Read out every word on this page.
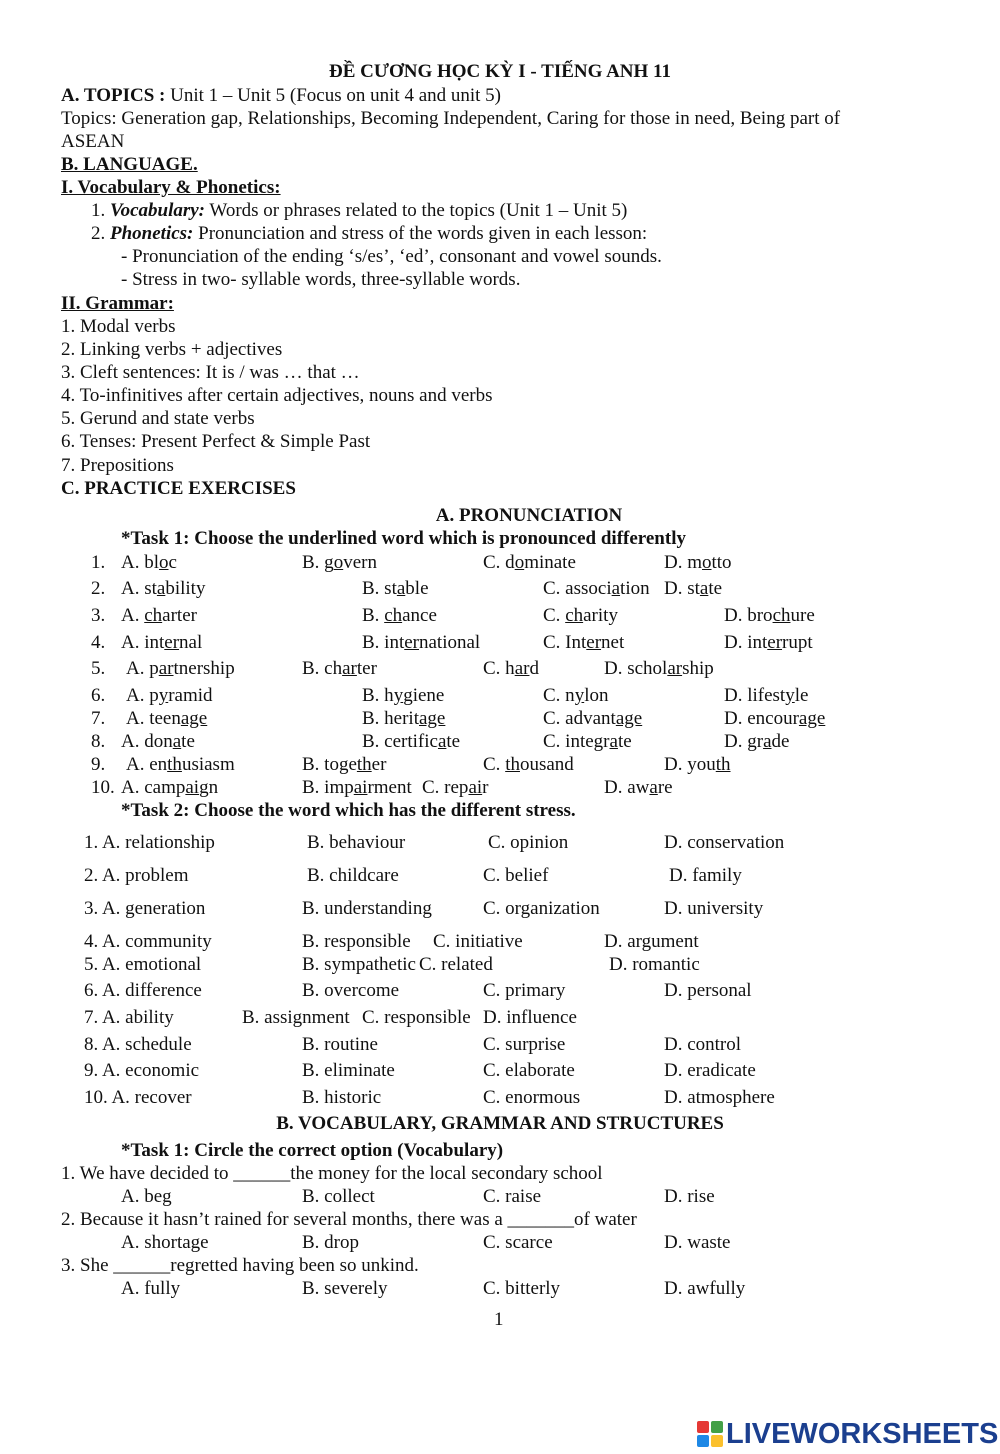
ĐỀ CƯƠNG HỌC KỲ I - TIẾNG ANH 11
A. TOPICS : Unit 1 – Unit 5 (Focus on unit 4 and unit 5)
Topics: Generation gap, Relationships, Becoming Independent, Caring for those in need, Being part of
ASEAN
B. LANGUAGE.
I. Vocabulary & Phonetics:
1. Vocabulary: Words or phrases related to the topics (Unit 1 – Unit 5)
2. Phonetics: Pronunciation and stress of the words given in each lesson:
- Pronunciation of the ending ‘s/es’, ‘ed’, consonant and vowel sounds.
- Stress in two- syllable words, three-syllable words.
II. Grammar:
1. Modal verbs
2. Linking verbs + adjectives
3. Cleft sentences: It is / was … that …
4. To-infinitives after certain adjectives, nouns and verbs
5. Gerund and state verbs
6. Tenses: Present Perfect & Simple Past
7. Prepositions
C. PRACTICE EXERCISES
A. PRONUNCIATION
*Task 1: Choose the underlined word which is pronounced differently
1. A. bloc	B. govern	C. dominate	D. motto
2. A. stability	B. stable	C. association D. state
3. A. charter	B. chance	C. charity	D. brochure
4. A. internal	B. international	C. Internet	D. interrupt
5. A. partnership	B. charter	C. hard	D. scholarship
6. A. pyramid	B. hygiene	C. nylon	D. lifestyle
7. A. teenage	B. heritage	C. advantage	D. encourage
8. A. donate	B. certificate	C. integrate	D. grade
9. A. enthusiasm	B. together	C. thousand	D. youth
10. A. campaign	B. impairment C. repair	D. aware
*Task 2: Choose the word which has the different stress.
1. A. relationship	B. behaviour	C. opinion	D. conservation
2. A. problem	B. childcare	C. belief	D. family
3. A. generation	B. understanding	C. organization	D. university
4. A. community	B. responsible C. initiative	D. argument
5. A. emotional	B. sympathetic C. related	D. romantic
6. A. difference	B. overcome	C. primary	D. personal
7. A. ability	B. assignment C. responsible D. influence
8. A. schedule	B. routine	C. surprise	D. control
9. A. economic	B. eliminate	C. elaborate	D. eradicate
10. A. recover	B. historic	C. enormous	D. atmosphere
B. VOCABULARY, GRAMMAR AND STRUCTURES
*Task 1: Circle the correct option (Vocabulary)
1. We have decided to ______the money for the local secondary school
A. beg	B. collect	C. raise	D. rise
2. Because it hasn’t rained for several months, there was a _______of water
A. shortage	B. drop	C. scarce	D. waste
3. She ______regretted having been so unkind.
A. fully	B. severely	C. bitterly	D. awfully
1
LIVEWORKSHEETS
